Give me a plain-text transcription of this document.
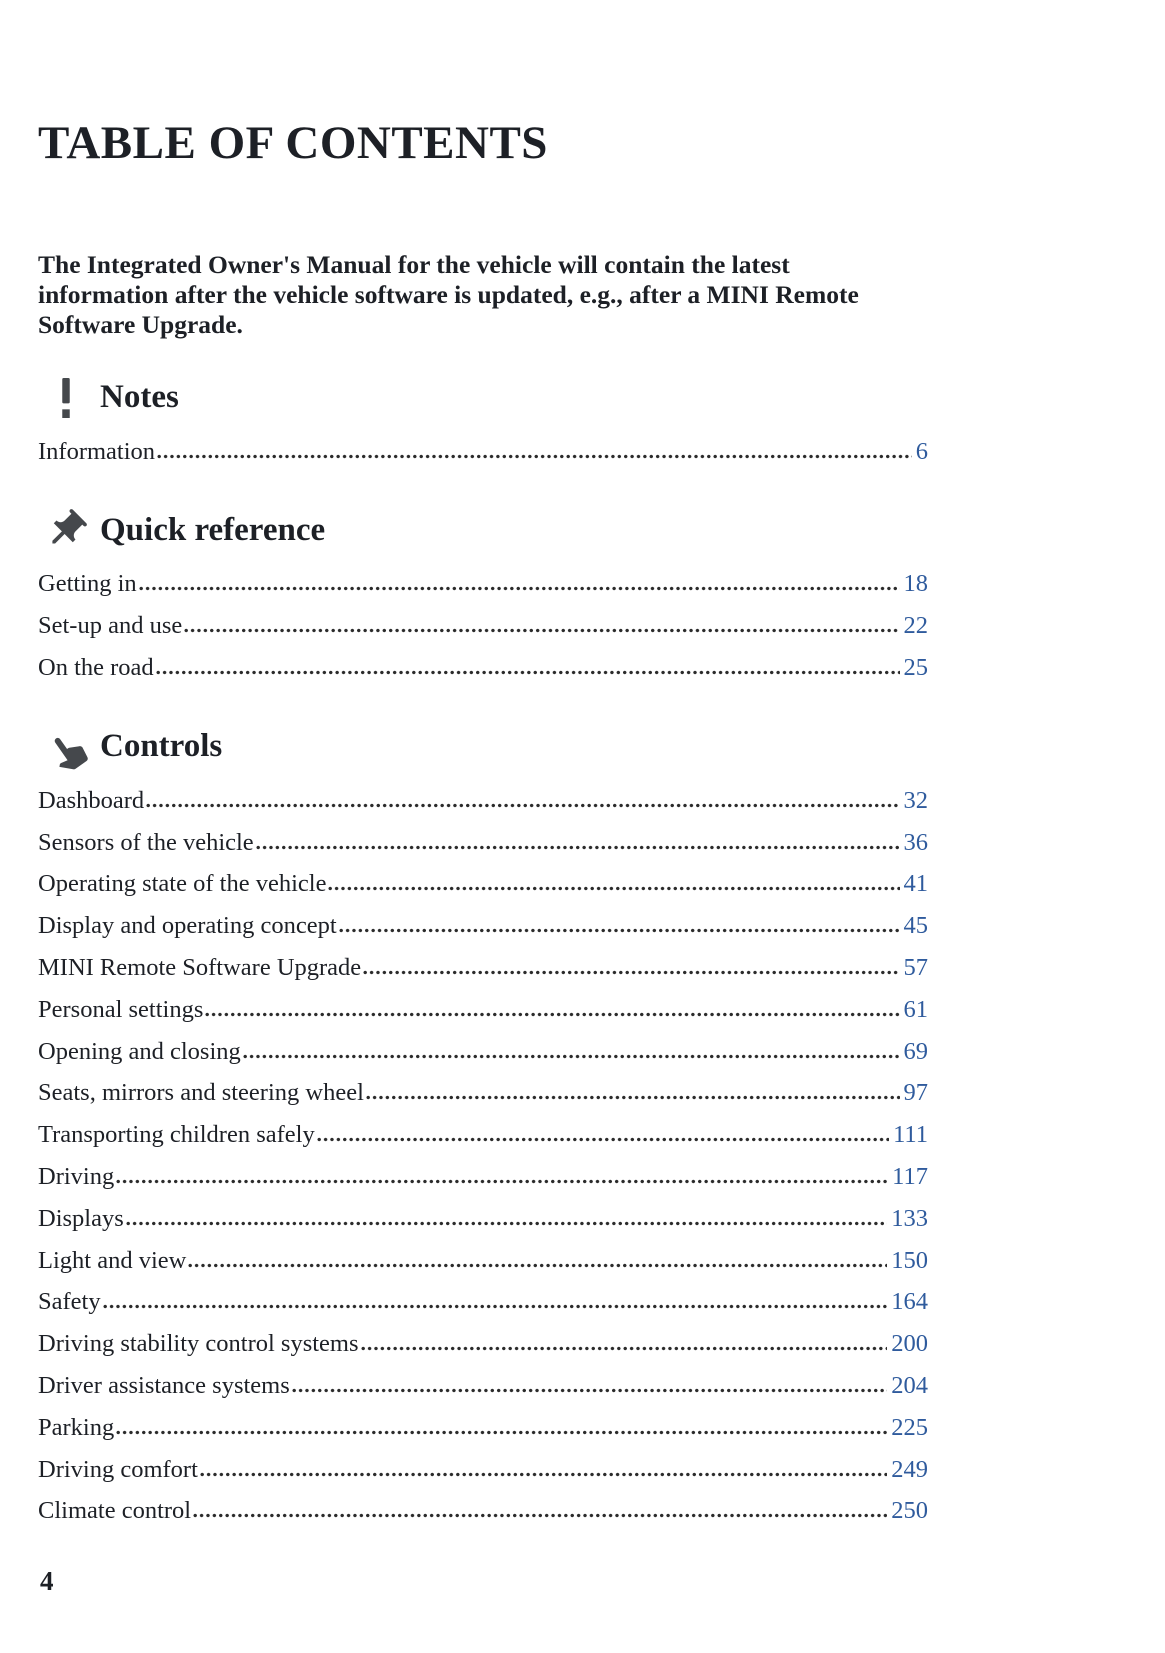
TABLE OF CONTENTS

The Integrated Owner's Manual for the vehicle will contain the latest information after the vehicle software is updated, e.g., after a MINI Remote Software Upgrade.

Notes
Information	6
Quick reference
Getting in	18
Set-up and use	22
On the road	25
Controls
Dashboard	32
Sensors of the vehicle	36
Operating state of the vehicle	41
Display and operating concept	45
MINI Remote Software Upgrade	57
Personal settings	61
Opening and closing	69
Seats, mirrors and steering wheel	97
Transporting children safely	111
Driving	117
Displays	133
Light and view	150
Safety	164
Driving stability control systems	200
Driver assistance systems	204
Parking	225
Driving comfort	249
Climate control	250
4
